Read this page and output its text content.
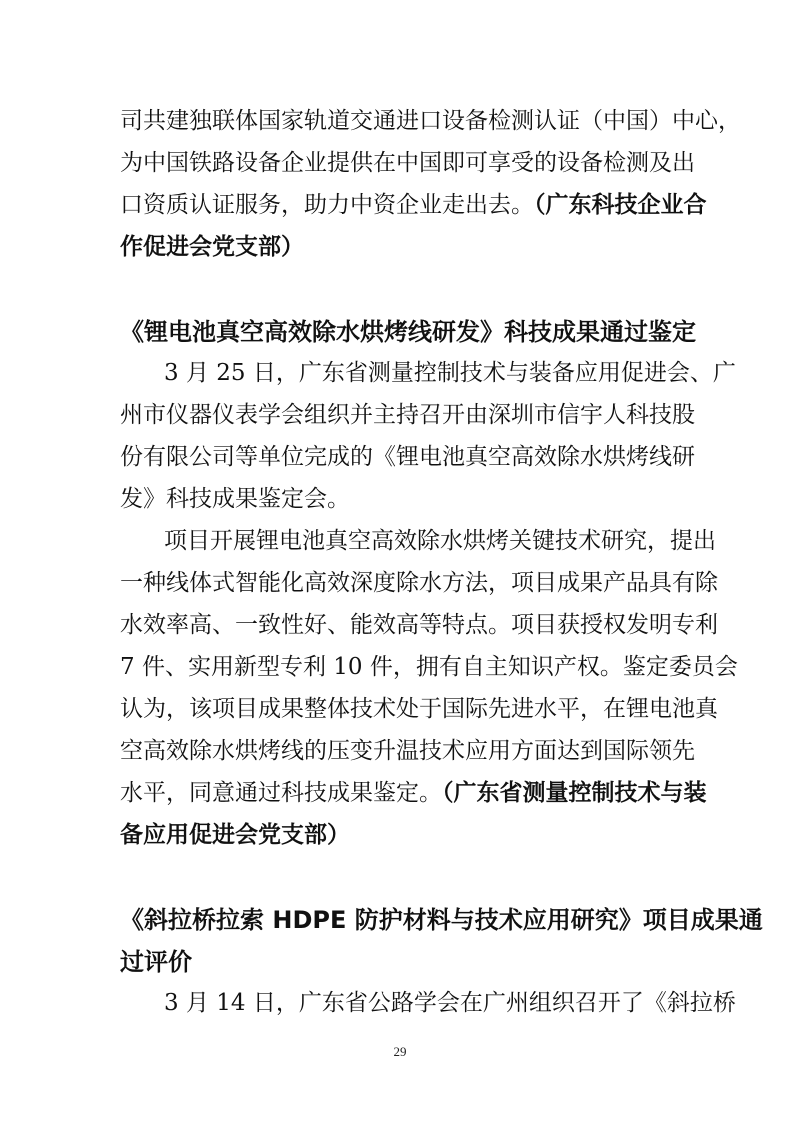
司共建独联体国家轨道交通进口设备检测认证（中国）中心，
为中国铁路设备企业提供在中国即可享受的设备检测及出
口资质认证服务，助力中资企业走出去。（广东科技企业合
作促进会党支部）
《锂电池真空高效除水烘烤线研发》科技成果通过鉴定
3 月 25 日，广东省测量控制技术与装备应用促进会、广
州市仪器仪表学会组织并主持召开由深圳市信宇人科技股
份有限公司等单位完成的《锂电池真空高效除水烘烤线研
发》科技成果鉴定会。
项目开展锂电池真空高效除水烘烤关键技术研究，提出
一种线体式智能化高效深度除水方法，项目成果产品具有除
水效率高、一致性好、能效高等特点。项目获授权发明专利
7 件、实用新型专利 10 件，拥有自主知识产权。鉴定委员会
认为，该项目成果整体技术处于国际先进水平，在锂电池真
空高效除水烘烤线的压变升温技术应用方面达到国际领先
水平，同意通过科技成果鉴定。（广东省测量控制技术与装
备应用促进会党支部）
《斜拉桥拉索 HDPE 防护材料与技术应用研究》项目成果通
过评价
3 月 14 日，广东省公路学会在广州组织召开了《斜拉桥
29
